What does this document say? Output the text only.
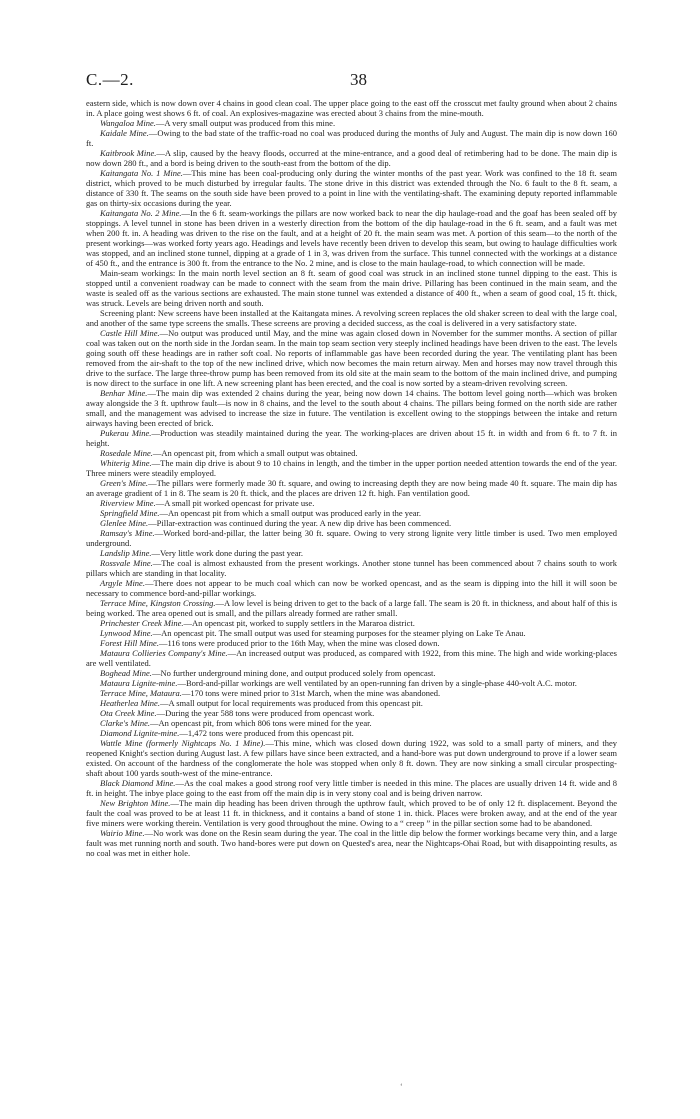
C.—2.	38

eastern side, which is now down over 4 chains in good clean coal. The upper place going to the east off the crosscut met faulty ground when about 2 chains in. A place going west shows 6 ft. of coal. An explosives-magazine was erected about 3 chains from the mine-mouth.

Wangaloa Mine.—A very small output was produced from this mine.

Kaidale Mine.—Owing to the bad state of the traffic-road no coal was produced during the months of July and August. The main dip is now down 160 ft.

Kaitbrook Mine.—A slip, caused by the heavy floods, occurred at the mine-entrance, and a good deal of retimbering had to be done. The main dip is now down 280 ft., and a bord is being driven to the south-east from the bottom of the dip.

Kaitangata No. 1 Mine.—This mine has been coal-producing only during the winter months of the past year. Work was confined to the 18 ft. seam district, which proved to be much disturbed by irregular faults. The stone drive in this district was extended through the No. 6 fault to the 8 ft. seam, a distance of 330 ft. The seams on the south side have been proved to a point in line with the ventilating-shaft. The examining deputy reported inflammable gas on thirty-six occasions during the year.

Kaitangata No. 2 Mine.—In the 6 ft. seam-workings the pillars are now worked back to near the dip haulage-road and the goaf has been sealed off by stoppings. A level tunnel in stone has been driven in a westerly direction from the bottom of the dip haulage-road in the 6 ft. seam, and a fault was met when 200 ft. in. A heading was driven to the rise on the fault, and at a height of 20 ft. the main seam was met. A portion of this seam—to the north of the present workings—was worked forty years ago. Headings and levels have recently been driven to develop this seam, but owing to haulage difficulties work was stopped, and an inclined stone tunnel, dipping at a grade of 1 in 3, was driven from the surface. This tunnel connected with the workings at a distance of 450 ft., and the entrance is 300 ft. from the entrance to the No. 2 mine, and is close to the main haulage-road, to which connection will be made.

Main-seam workings: In the main north level section an 8 ft. seam of good coal was struck in an inclined stone tunnel dipping to the east. This is stopped until a convenient roadway can be made to connect with the seam from the main drive. Pillaring has been continued in the main seam, and the waste is sealed off as the various sections are exhausted. The main stone tunnel was extended a distance of 400 ft., when a seam of good coal, 15 ft. thick, was struck. Levels are being driven north and south.

Screening plant: New screens have been installed at the Kaitangata mines. A revolving screen replaces the old shaker screen to deal with the large coal, and another of the same type screens the smalls. These screens are proving a decided success, as the coal is delivered in a very satisfactory state.

Castle Hill Mine.—No output was produced until May, and the mine was again closed down in November for the summer months. A section of pillar coal was taken out on the north side in the Jordan seam. In the main top seam section very steeply inclined headings have been driven to the east. The levels going south off these headings are in rather soft coal. No reports of inflammable gas have been recorded during the year. The ventilating plant has been removed from the air-shaft to the top of the new inclined drive, which now becomes the main return airway. Men and horses may now travel through this drive to the surface. The large three-throw pump has been removed from its old site at the main seam to the bottom of the main inclined drive, and pumping is now direct to the surface in one lift. A new screening plant has been erected, and the coal is now sorted by a steam-driven revolving screen.

Benhar Mine.—The main dip was extended 2 chains during the year, being now down 14 chains. The bottom level going north—which was broken away alongside the 3 ft. upthrow fault—is now in 8 chains, and the level to the south about 4 chains. The pillars being formed on the north side are rather small, and the management was advised to increase the size in future. The ventilation is excellent owing to the stoppings between the intake and return airways having been erected of brick.

Pukerau Mine.—Production was steadily maintained during the year. The working-places are driven about 15 ft. in width and from 6 ft. to 7 ft. in height.

Rosedale Mine.—An opencast pit, from which a small output was obtained.

Whiterig Mine.—The main dip drive is about 9 to 10 chains in length, and the timber in the upper portion needed attention towards the end of the year. Three miners were steadily employed.

Green's Mine.—The pillars were formerly made 30 ft. square, and owing to increasing depth they are now being made 40 ft. square. The main dip has an average gradient of 1 in 8. The seam is 20 ft. thick, and the places are driven 12 ft. high. Fan ventilation good.

Riverview Mine.—A small pit worked opencast for private use.

Springfield Mine.—An opencast pit from which a small output was produced early in the year.

Glenlee Mine.—Pillar-extraction was continued during the year. A new dip drive has been commenced.

Ramsay's Mine.—Worked bord-and-pillar, the latter being 30 ft. square. Owing to very strong lignite very little timber is used. Two men employed underground.

Landslip Mine.—Very little work done during the past year.

Rossvale Mine.—The coal is almost exhausted from the present workings. Another stone tunnel has been commenced about 7 chains south to work pillars which are standing in that locality.

Argyle Mine.—There does not appear to be much coal which can now be worked opencast, and as the seam is dipping into the hill it will soon be necessary to commence bord-and-pillar workings.

Terrace Mine, Kingston Crossing.—A low level is being driven to get to the back of a large fall. The seam is 20 ft. in thickness, and about half of this is being worked. The area opened out is small, and the pillars already formed are rather small.

Princhester Creek Mine.—An opencast pit, worked to supply settlers in the Mararoa district.

Lynwood Mine.—An opencast pit. The small output was used for steaming purposes for the steamer plying on Lake Te Anau.

Forest Hill Mine.—116 tons were produced prior to the 16th May, when the mine was closed down.

Mataura Collieries Company's Mine.—An increased output was produced, as compared with 1922, from this mine. The high and wide working-places are well ventilated.

Boghead Mine.—No further underground mining done, and output produced solely from opencast.

Mataura Lignite-mine.—Bord-and-pillar workings are well ventilated by an open-running fan driven by a single-phase 440-volt A.C. motor.

Terrace Mine, Mataura.—170 tons were mined prior to 31st March, when the mine was abandoned.

Heatherlea Mine.—A small output for local requirements was produced from this opencast pit.

Ota Creek Mine.—During the year 588 tons were produced from opencast work.

Clarke's Mine.—An opencast pit, from which 806 tons were mined for the year.

Diamond Lignite-mine.—1,472 tons were produced from this opencast pit.

Wattle Mine (formerly Nightcaps No. 1 Mine).—This mine, which was closed down during 1922, was sold to a small party of miners, and they reopened Knight's section during August last. A few pillars have since been extracted, and a hand-bore was put down underground to prove if a lower seam existed. On account of the hardness of the conglomerate the hole was stopped when only 8 ft. down. They are now sinking a small circular prospecting-shaft about 100 yards south-west of the mine-entrance.

Black Diamond Mine.—As the coal makes a good strong roof very little timber is needed in this mine. The places are usually driven 14 ft. wide and 8 ft. in height. The inbye place going to the east from off the main dip is in very stony coal and is being driven narrow.

New Brighton Mine.—The main dip heading has been driven through the upthrow fault, which proved to be of only 12 ft. displacement. Beyond the fault the coal was proved to be at least 11 ft. in thickness, and it contains a band of stone 1 in. thick. Places were broken away, and at the end of the year five miners were working therein. Ventilation is very good throughout the mine. Owing to a “ creep ” in the pillar section some had to be abandoned.

Wairio Mine.—No work was done on the Resin seam during the year. The coal in the little dip below the former workings became very thin, and a large fault was met running north and south. Two hand-bores were put down on Quested's area, near the Nightcaps-Ohai Road, but with disappointing results, as no coal was met in either hole.

‘
